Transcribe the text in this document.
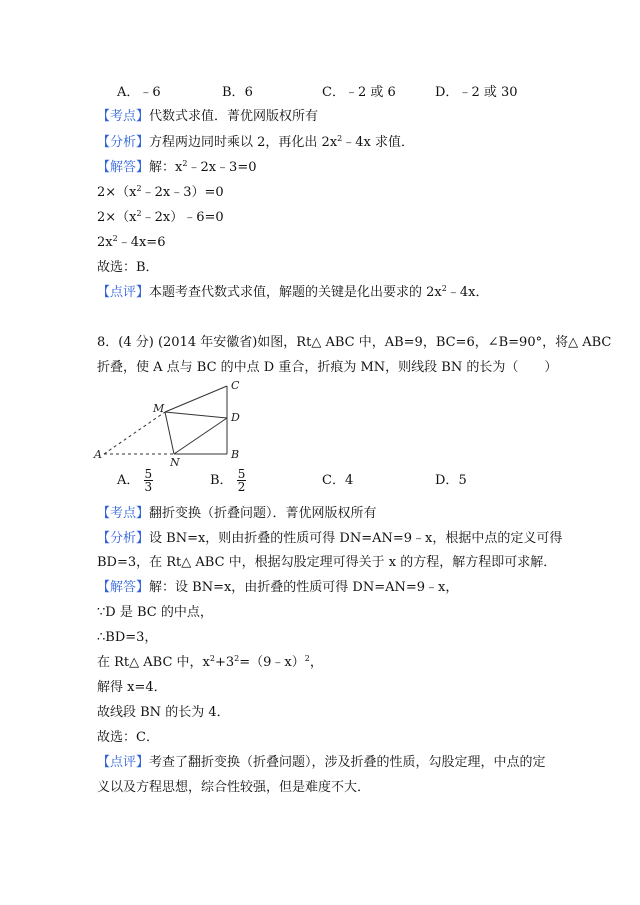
A．﹣6	B．6	C．﹣2 或 6	D．﹣2 或 30
【考点】代数式求值．菁优网版权所有
【分析】方程两边同时乘以 2，再化出 $2x^2﹣4x$ 求值．
【解答】解：$x^2﹣2x﹣3=0$
$2\times(x^2﹣2x﹣3)=0$
$2\times(x^2﹣2x)﹣6=0$
$2x^2﹣4x=6$
故选：B．
【点评】本题考查代数式求值，解题的关键是化出要求的 $2x^2﹣4x$．
8．(4 分) (2014 年安徽省)如图，Rt△ ABC 中，AB=9，BC=6，∠B=90°，将△ ABC
折叠，使 A 点与 BC 的中点 D 重合，折痕为 MN，则线段 BN 的长为（　　）
C
D
B
M
N
A
A． $\frac{5}{3}$	B． $\frac{5}{2}$	C．4	D．5
【考点】翻折变换（折叠问题）．菁优网版权所有
【分析】设 BN=x，则由折叠的性质可得 DN=AN=9﹣x，根据中点的定义可得
BD=3，在 Rt△ ABC 中，根据勾股定理可得关于 x 的方程，解方程即可求解．
【解答】解：设 BN=x，由折叠的性质可得 DN=AN=9﹣x，
∵D 是 BC 的中点，
∴BD=3，
在 Rt△ ABC 中，$x^2+3^2=(9﹣x)^2$，
解得 x=4．
故线段 BN 的长为 4．
故选：C．
【点评】考查了翻折变换（折叠问题），涉及折叠的性质，勾股定理，中点的定
义以及方程思想，综合性较强，但是难度不大．
